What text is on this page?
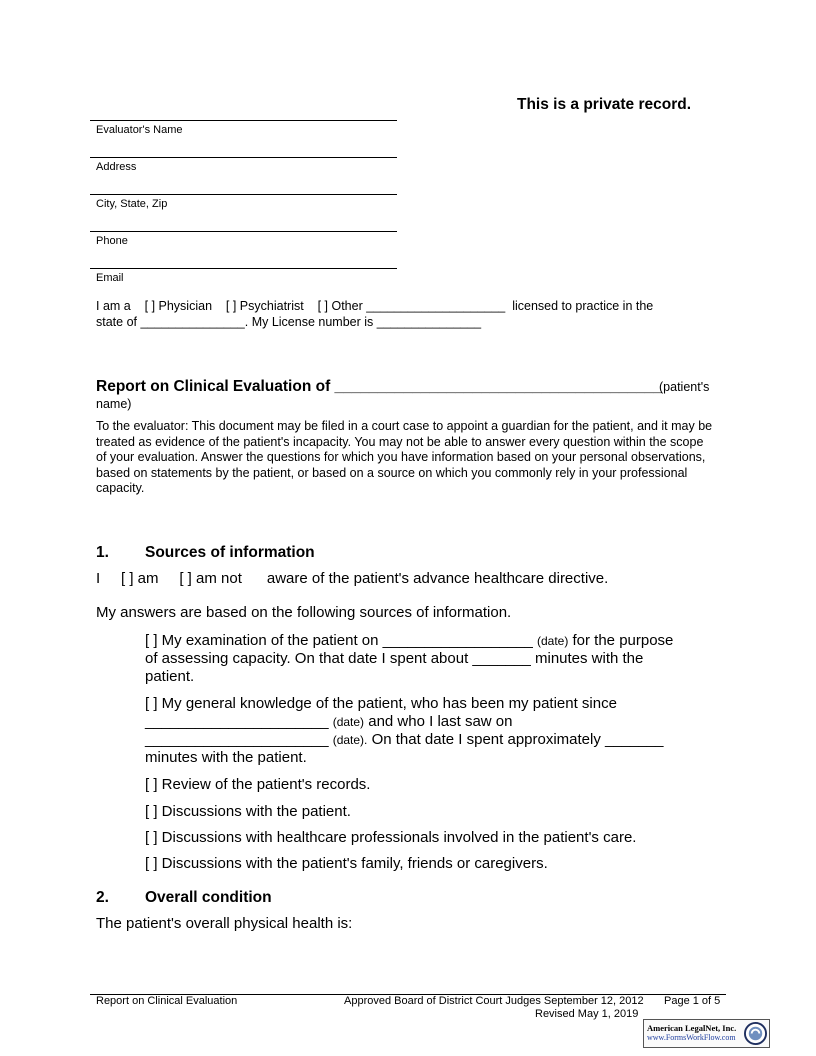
This is a private record.
Evaluator's Name
Address
City, State, Zip
Phone
Email
I am a    [ ] Physician    [ ] Psychiatrist    [ ] Other ____________________  licensed to practice in the
state of _______________. My License number is _______________
Report on Clinical Evaluation of ______________________________________
(patient's
name)
To the evaluator: This document may be filed in a court case to appoint a guardian for the patient, and it may be treated as evidence of the patient's incapacity. You may not be able to answer every question within the scope of your evaluation. Answer the questions for which you have information based on your personal observations, based on statements by the patient, or based on a source on which you commonly rely in your professional capacity.
1. Sources of information
I     [ ] am     [ ] am not      aware of the patient's advance healthcare directive.
My answers are based on the following sources of information.
[ ] My examination of the patient on __________________ (date) for the purpose
of assessing capacity. On that date I spent about _______ minutes with the
patient.
[ ] My general knowledge of the patient, who has been my patient since
______________________ (date) and who I last saw on
______________________ (date). On that date I spent approximately _______
minutes with the patient.
[ ] Review of the patient's records.
[ ] Discussions with the patient.
[ ] Discussions with healthcare professionals involved in the patient's care.
[ ] Discussions with the patient's family, friends or caregivers.
2. Overall condition
The patient's overall physical health is:
Report on Clinical Evaluation	Approved Board of District Court Judges September 12, 2012
Revised May 1, 2019
Page 1 of 5
American LegalNet, Inc.
www.FormsWorkFlow.com
